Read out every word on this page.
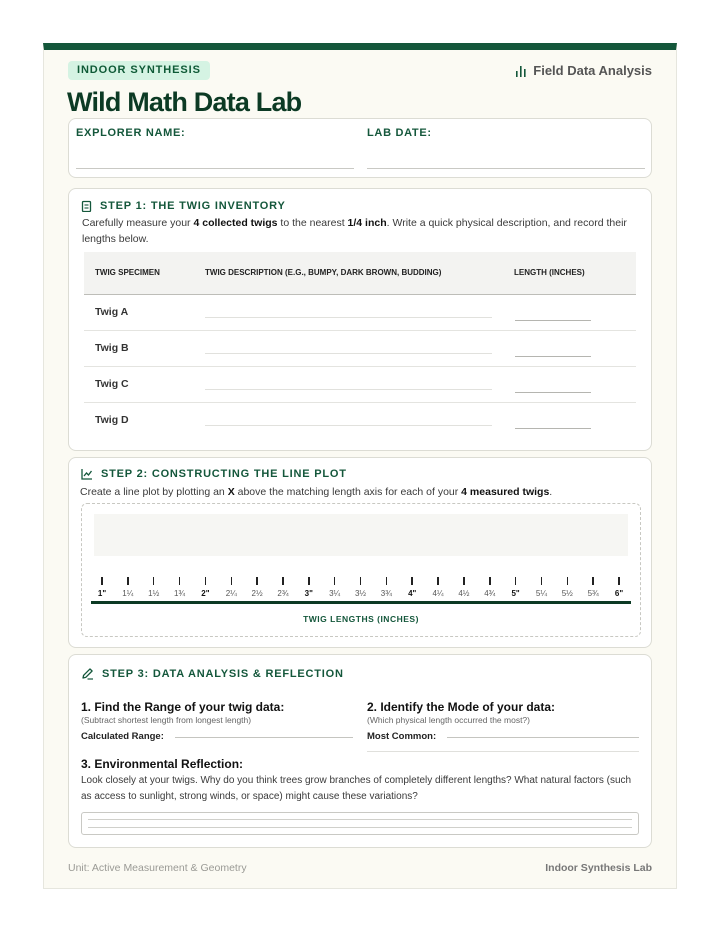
INDOOR SYNTHESIS	Field Data Analysis
Wild Math Data Lab
EXPLORER NAME:	LAB DATE:
STEP 1: THE TWIG INVENTORY
Carefully measure your 4 collected twigs to the nearest 1/4 inch. Write a quick physical description, and record their lengths below.
TWIG SPECIMEN	TWIG DESCRIPTION (E.G., BUMPY, DARK BROWN, BUDDING)	LENGTH (INCHES)
Twig A	

Twig B	

Twig C	

Twig D	

STEP 2: CONSTRUCTING THE LINE PLOT
Create a line plot by plotting an X above the matching length axis for each of your 4 measured twigs.
TWIG LENGTHS (INCHES)
1" 1¼ 1½ 1¾ 2" 2¼ 2½ 2¾ 3" 3¼ 3½ 3¾ 4" 4¼ 4½ 4¾ 5" 5¼ 5½ 5¾ 6"
STEP 3: DATA ANALYSIS & REFLECTION
1. Find the Range of your twig data:
(Subtract shortest length from longest length)
Calculated Range:
2. Identify the Mode of your data:
(Which physical length occurred the most?)
Most Common:
3. Environmental Reflection:
Look closely at your twigs. Why do you think trees grow branches of completely different lengths? What natural factors (such as access to sunlight, strong winds, or space) might cause these variations?
Unit: Active Measurement & Geometry	Indoor Synthesis Lab
